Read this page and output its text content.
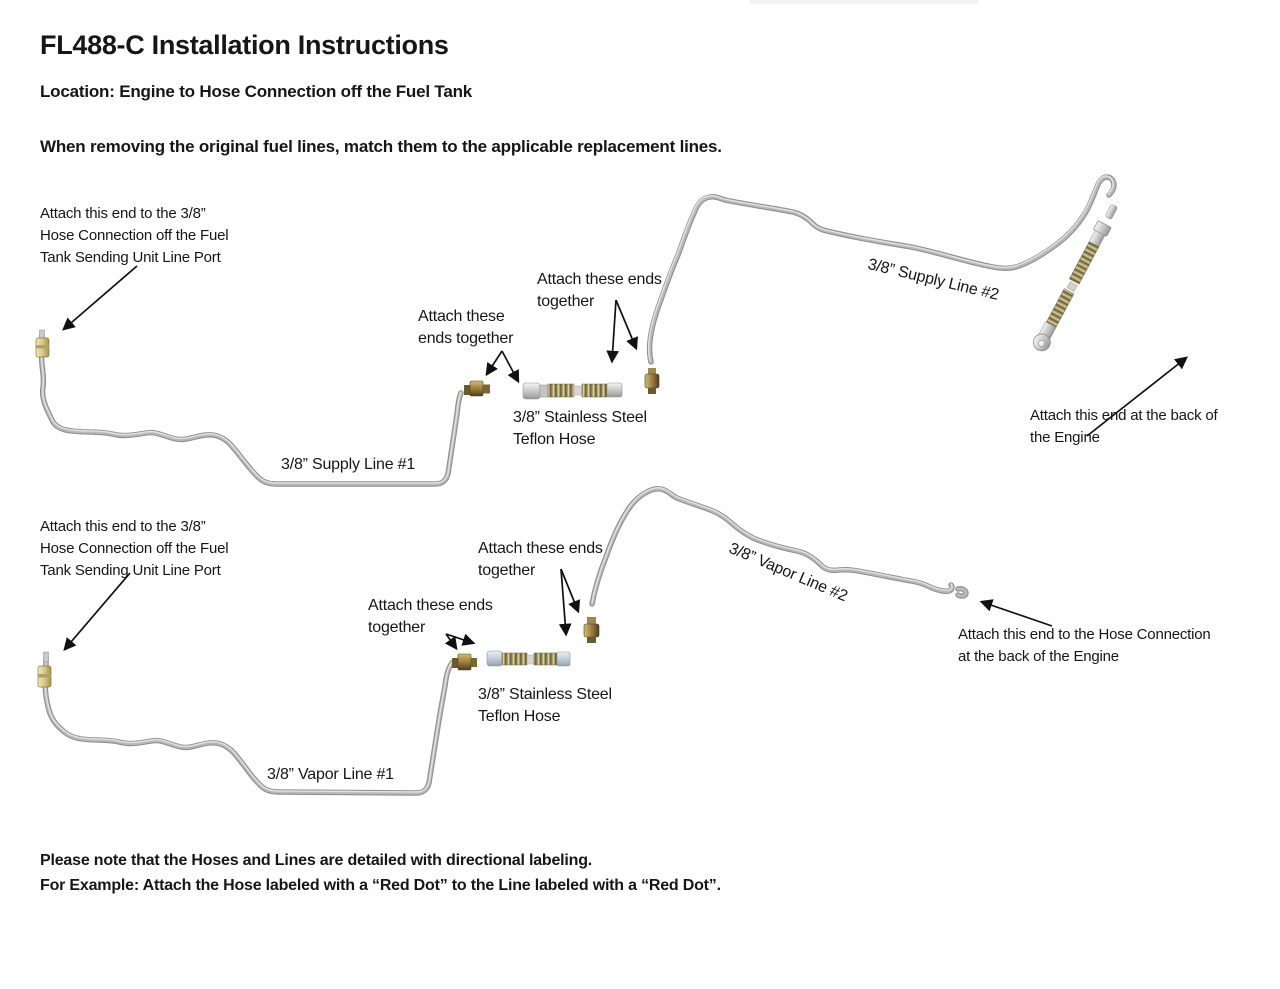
FL488-C Installation Instructions
Location: Engine to Hose Connection off the Fuel Tank
When removing the original fuel lines, match them to the applicable replacement lines.
Attach this end to the 3/8”
Hose Connection off the Fuel
Tank Sending Unit Line Port
Attach these
ends together
Attach these ends
together
3/8” Stainless Steel
Teflon Hose
3/8” Supply Line #1
3/8” Supply Line #2
Attach this end at the back of
the Engine
Attach this end to the 3/8”
Hose Connection off the Fuel
Tank Sending Unit Line Port
Attach these ends
together
Attach these ends
together
3/8” Stainless Steel
Teflon Hose
3/8” Vapor Line #1
3/8” Vapor Line #2
Attach this end to the Hose Connection
at the back of the Engine
Please note that the Hoses and Lines are detailed with directional labeling.
For Example: Attach the Hose labeled with a “Red Dot” to the Line labeled with a “Red Dot”.
